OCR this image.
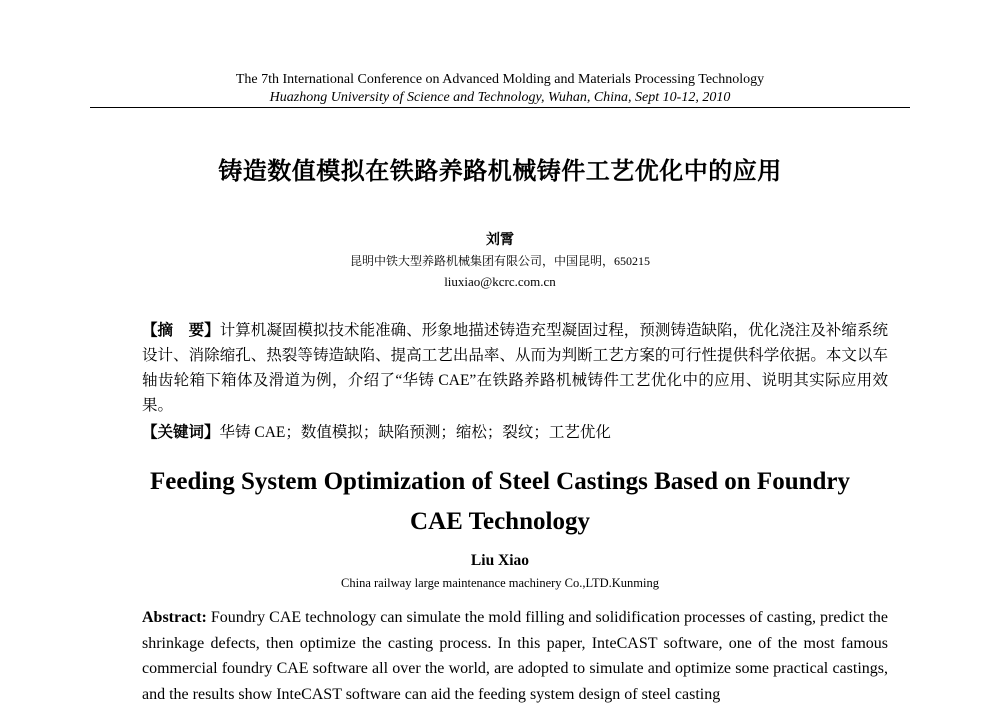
The 7th International Conference on Advanced Molding and Materials Processing Technology
Huazhong University of Science and Technology, Wuhan, China, Sept 10-12, 2010
铸造数值模拟在铁路养路机械铸件工艺优化中的应用
刘霄
昆明中铁大型养路机械集团有限公司，中国昆明，650215
liuxiao@kcrc.com.cn
【摘　要】计算机凝固模拟技术能准确、形象地描述铸造充型凝固过程，预测铸造缺陷，优化浇注及补缩系统设计、消除缩孔、热裂等铸造缺陷、提高工艺出品率、从而为判断工艺方案的可行性提供科学依据。本文以车轴齿轮箱下箱体及滑道为例，介绍了“华铸 CAE”在铁路养路机械铸件工艺优化中的应用、说明其实际应用效果。
【关键词】华铸 CAE；数值模拟；缺陷预测；缩松；裂纹；工艺优化
Feeding System Optimization of Steel Castings Based on Foundry CAE Technology
Liu Xiao
China railway large maintenance machinery Co.,LTD.Kunming
Abstract: Foundry CAE technology can simulate the mold filling and solidification processes of casting, predict the shrinkage defects, then optimize the casting process. In this paper, InteCAST software, one of the most famous commercial foundry CAE software all over the world, are adopted to simulate and optimize some practical castings, and the results show InteCAST software can aid the feeding system design of steel casting
